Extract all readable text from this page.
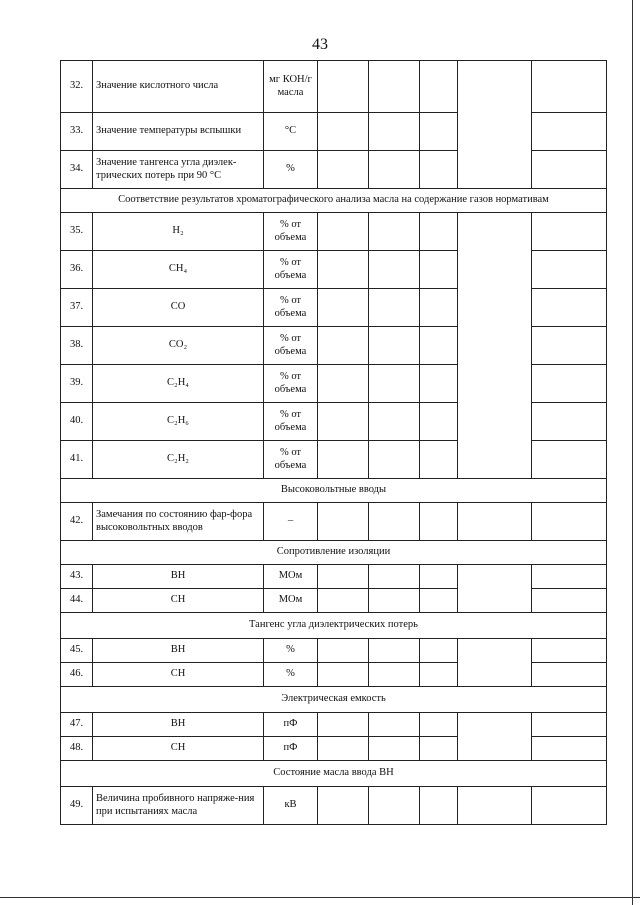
43
32.	Значение кислотного числа	мг КОН/г масла					
33.	Значение температуры вспышки	°С					
34.	Значение тангенса угла диэлек-трических потерь при 90 °С	%					
Соответствие результатов хроматографического анализа масла на содержание газов нормативам							
35.	H₂	% от объема					
36.	CH₄	% от объема					
37.	CO	% от объема					
38.	CO₂	% от объема					
39.	C₂H₄	% от объема					
40.	C₂H₆	% от объема					
41.	C₂H₂	% от объема					
Высоковольтные вводы							
42.	Замечания по состоянию фар-фора высоковольтных вводов	–					
Сопротивление изоляции							
43.	ВН	МОм					
44.	СН	МОм					
Тангенс угла диэлектрических потерь							
45.	ВН	%					
46.	СН	%					
Электрическая емкость							
47.	ВН	пФ					
48.	СН	пФ					
Состояние масла ввода ВН							
49.	Величина пробивного напряже-ния при испытаниях масла	кВ					
